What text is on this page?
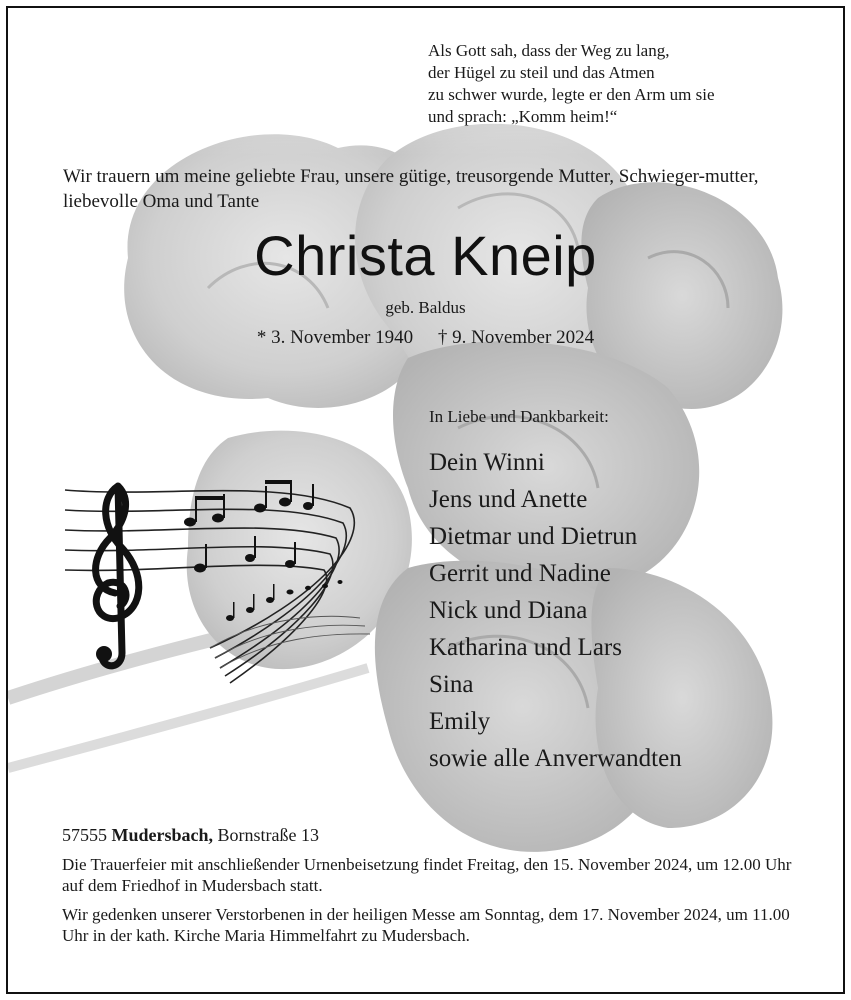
Als Gott sah, dass der Weg zu lang,
der Hügel zu steil und das Atmen
zu schwer wurde, legte er den Arm um sie
und sprach: „Komm heim!“
Wir trauern um meine geliebte Frau, unsere gütige, treusorgende Mutter, Schwieger-mutter, liebevolle Oma und Tante
Christa Kneip
geb. Baldus
* 3. November 1940 † 9. November 2024
In Liebe und Dankbarkeit:
Dein Winni
Jens und Anette
Dietmar und Dietrun
Gerrit und Nadine
Nick und Diana
Katharina und Lars
Sina
Emily
sowie alle Anverwandten
57555 Mudersbach, Bornstraße 13

Die Trauerfeier mit anschließender Urnenbeisetzung findet Freitag, den 15. November 2024, um 12.00 Uhr auf dem Friedhof in Mudersbach statt.

Wir gedenken unserer Verstorbenen in der heiligen Messe am Sonntag, dem 17. November 2024, um 11.00 Uhr in der kath. Kirche Maria Himmelfahrt zu Mudersbach.
